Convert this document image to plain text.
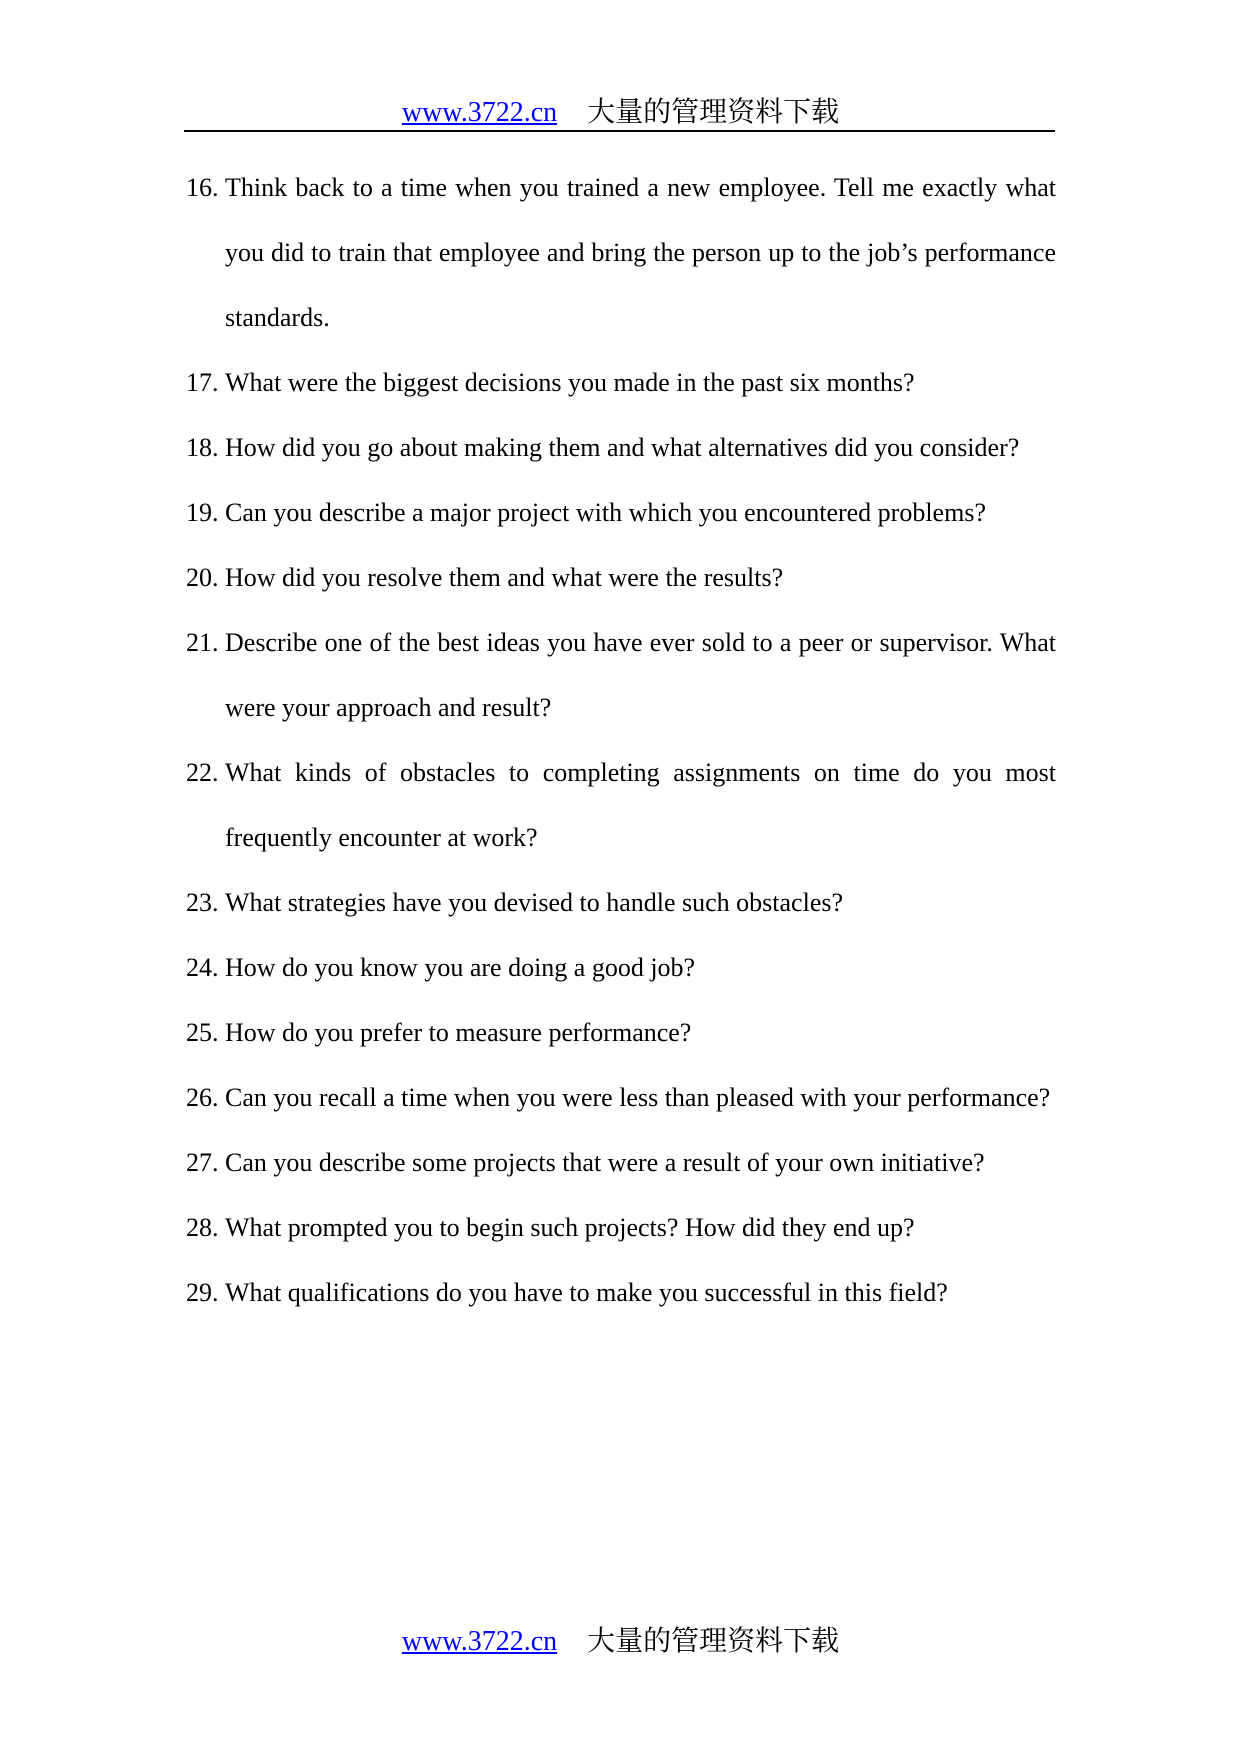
www.3722.cn 大量的管理资料下载
16. Think back to a time when you trained a new employee. Tell me exactly what you did to train that employee and bring the person up to the job’s performance standards.
17. What were the biggest decisions you made in the past six months?
18. How did you go about making them and what alternatives did you consider?
19. Can you describe a major project with which you encountered problems?
20. How did you resolve them and what were the results?
21. Describe one of the best ideas you have ever sold to a peer or supervisor. What were your approach and result?
22. What kinds of obstacles to completing assignments on time do you most frequently encounter at work?
23. What strategies have you devised to handle such obstacles?
24. How do you know you are doing a good job?
25. How do you prefer to measure performance?
26. Can you recall a time when you were less than pleased with your performance?
27. Can you describe some projects that were a result of your own initiative?
28. What prompted you to begin such projects? How did they end up?
29. What qualifications do you have to make you successful in this field?
www.3722.cn 大量的管理资料下载
